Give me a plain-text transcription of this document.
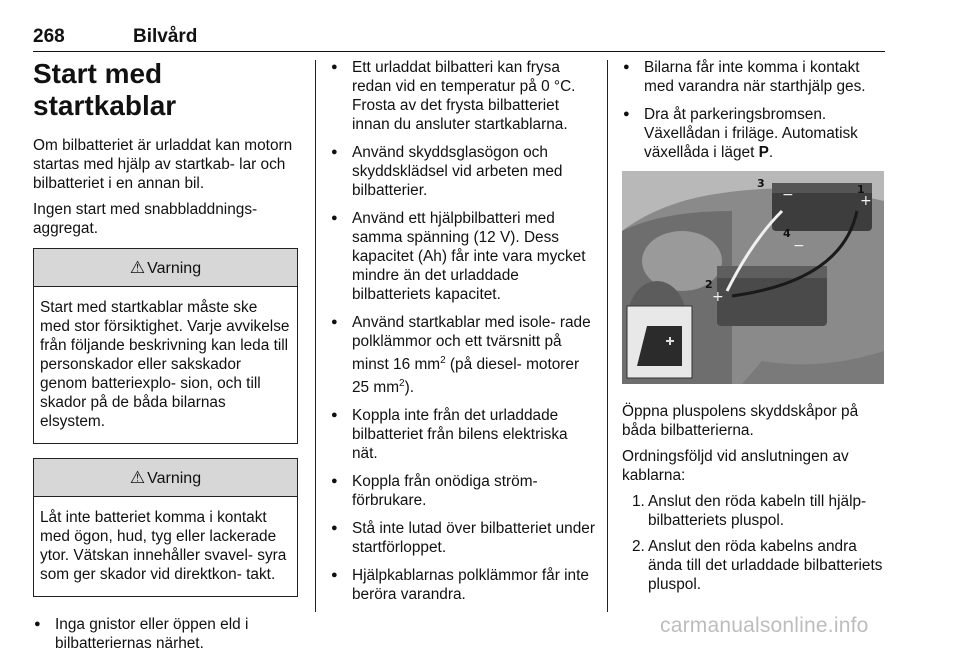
268	Bilvård
Start med startkablar

Om bilbatteriet är urladdat kan motorn startas med hjälp av startkab- lar och bilbatteriet i en annan bil.

Ingen start med snabbladdnings- aggregat.

⚠ Varning
Start med startkablar måste ske med stor försiktighet. Varje avvikelse från följande beskrivning kan leda till personskador eller sakskador genom batteriexplo- sion, och till skador på de båda bilarnas elsystem.
⚠ Varning
Låt inte batteriet komma i kontakt med ögon, hud, tyg eller lackerade ytor. Vätskan innehåller svavel- syra som ger skador vid direktkon- takt.
● Inga gnistor eller öppen eld i bilbatteriernas närhet.
● Ett urladdat bilbatteri kan frysa redan vid en temperatur på 0 °C. Frosta av det frysta bilbatteriet innan du ansluter startkablarna.
● Använd skyddsglasögon och skyddsklädsel vid arbeten med bilbatterier.
● Använd ett hjälpbilbatteri med samma spänning (12 V). Dess kapacitet (Ah) får inte vara mycket mindre än det urladdade bilbatteriets kapacitet.
● Använd startkablar med isole- rade polklämmor och ett tvärsnitt på minst 16 $mm^2$ (på diesel- motorer 25 $mm^2$).
● Koppla inte från det urladdade bilbatteriet från bilens elektriska nät.
● Koppla från onödiga ström- förbrukare.
● Stå inte lutad över bilbatteriet under startförloppet.
● Hjälpkablarnas polklämmor får inte beröra varandra.
● Bilarna får inte komma i kontakt med varandra när starthjälp ges.
● Dra åt parkeringsbromsen. Växellådan i friläge. Automatisk växellåda i läget P.
3	1
4
2
+
−
−
+

Öppna pluspolens skyddskåpor på båda bilbatterierna.

Ordningsföljd vid anslutningen av kablarna:

1. Anslut den röda kabeln till hjälp- bilbatteriets pluspol.
2. Anslut den röda kabelns andra ända till det urladdade bilbatteriets pluspol.
carmanualsonline.info
